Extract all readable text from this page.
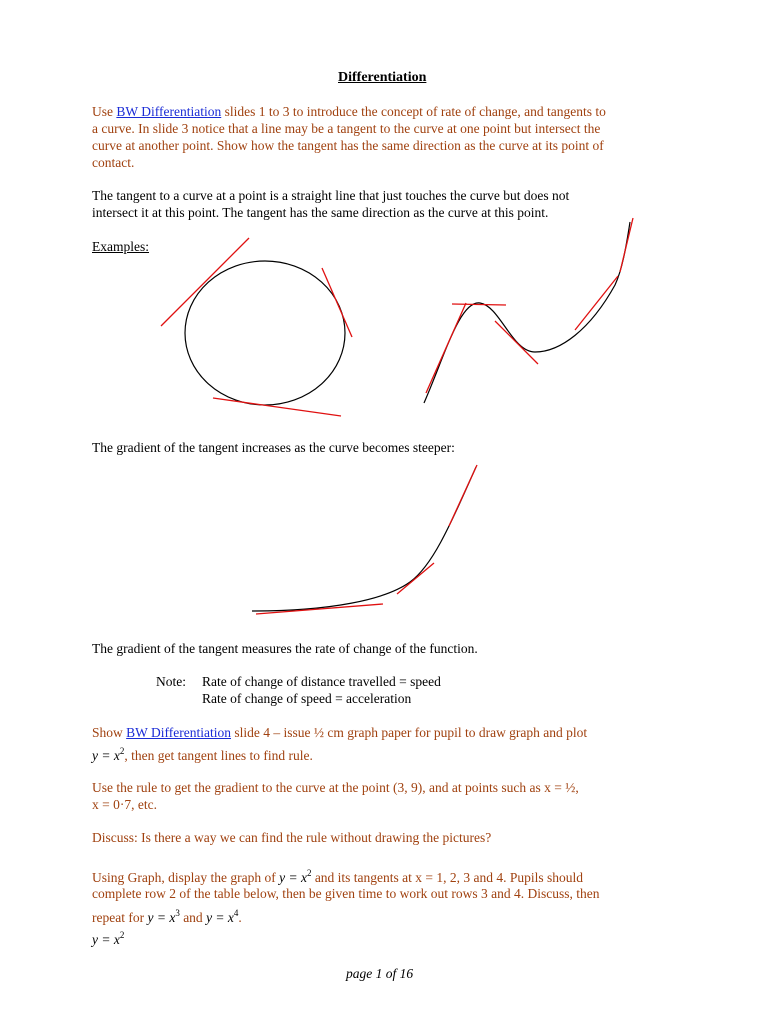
Differentiation
Use BW Differentiation slides 1 to 3 to introduce the concept of rate of change, and tangents to
a curve. In slide 3 notice that a line may be a tangent to the curve at one point but intersect the
curve at another point. Show how the tangent has the same direction as the curve at its point of
contact.
The tangent to a curve at a point is a straight line that just touches the curve but does not
intersect it at this point. The tangent has the same direction as the curve at this point.
Examples:
The gradient of the tangent increases as the curve becomes steeper:
The gradient of the tangent measures the rate of change of the function.
Note: Rate of change of distance travelled = speed
Rate of change of speed = acceleration
Show BW Differentiation slide 4 – issue ½ cm graph paper for pupil to draw graph and plot
$y = x^2$, then get tangent lines to find rule.
Use the rule to get the gradient to the curve at the point (3, 9), and at points such as x = ½,
x = 0·7, etc.
Discuss: Is there a way we can find the rule without drawing the pictures?
Using Graph, display the graph of $y = x^2$ and its tangents at x = 1, 2, 3 and 4. Pupils should
complete row 2 of the table below, then be given time to work out rows 3 and 4. Discuss, then
repeat for $y = x^3$ and $y = x^4$.
$y = x^2$
page 1 of 16
